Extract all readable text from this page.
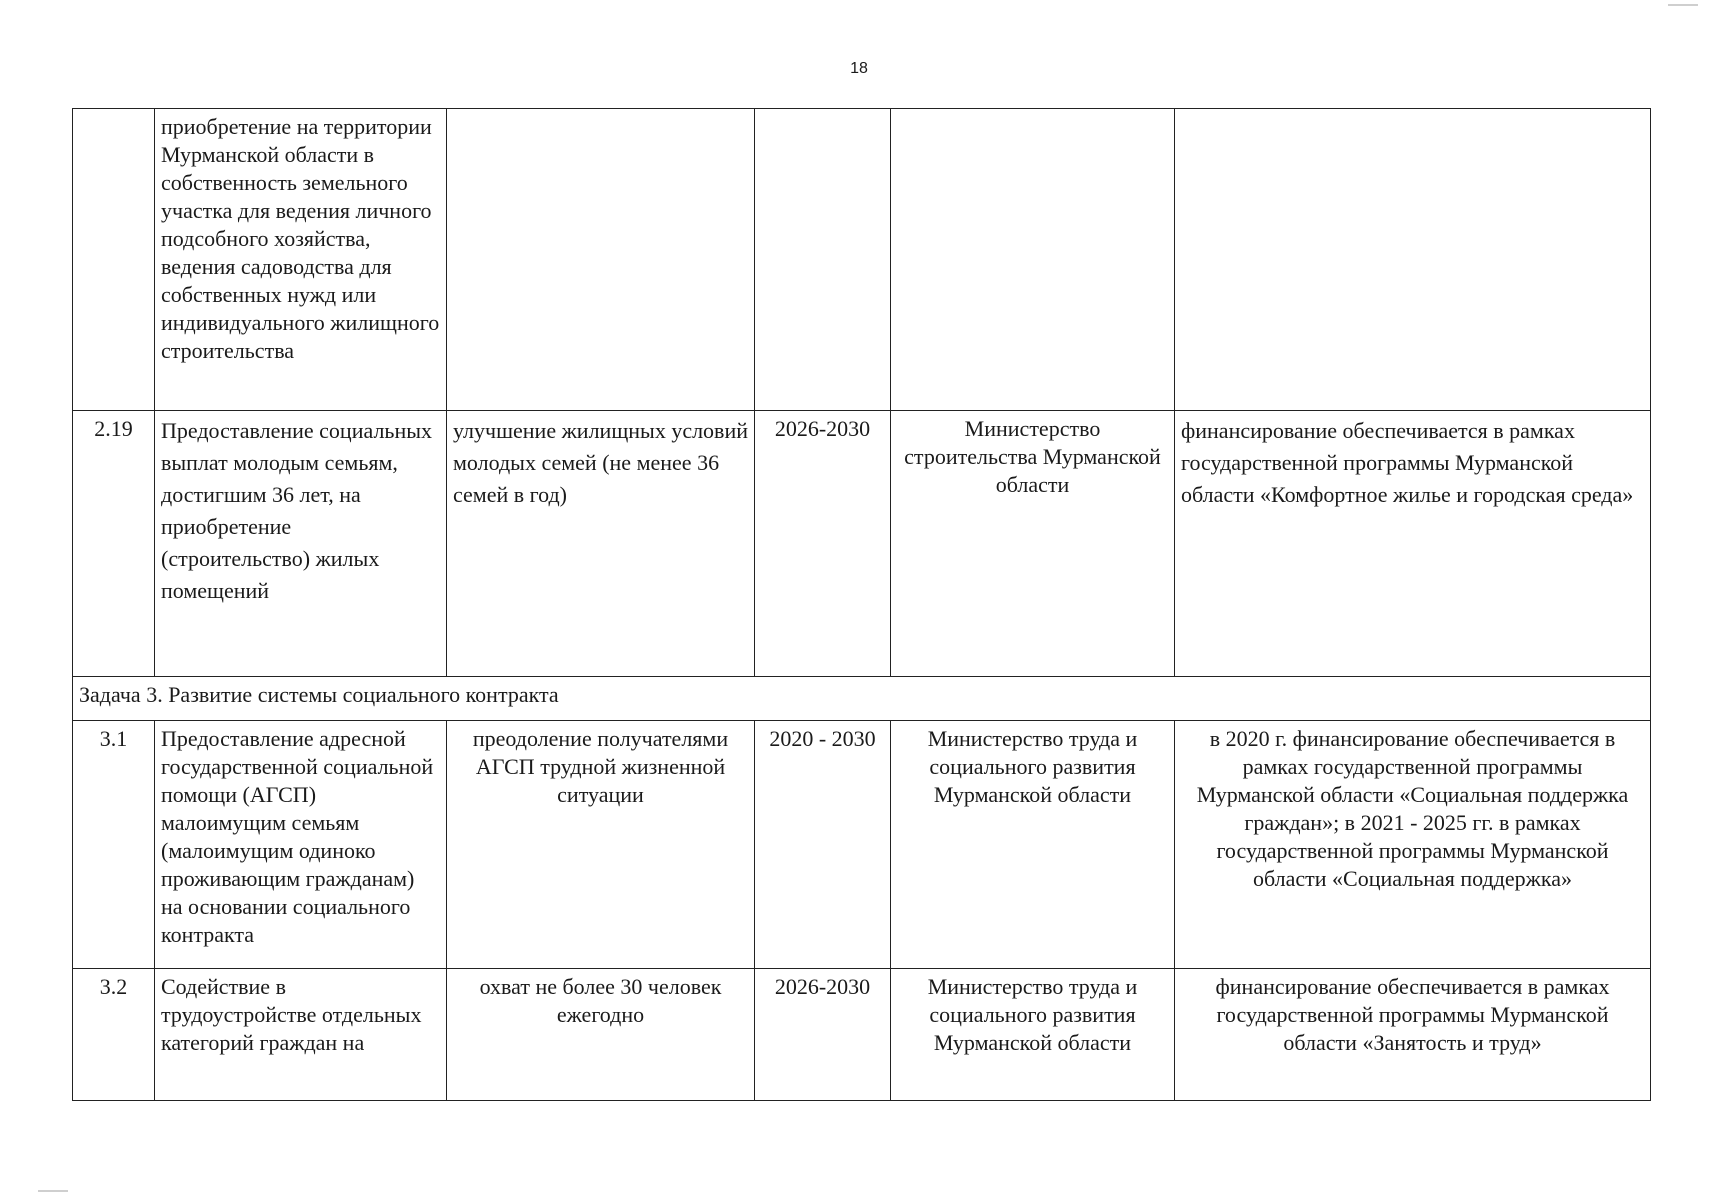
18
	приобретение на территории Мурманской области в собственность земельного участка для ведения личного подсобного хозяйства, ведения садоводства для собственных нужд или индивидуального жилищного строительства				
2.19	Предоставление социальных выплат молодым семьям, достигшим 36 лет, на приобретение (строительство) жилых помещений	улучшение жилищных условий молодых семей (не менее 36 семей в год)	2026-2030	Министерство строительства Мурманской области	финансирование обеспечивается в рамках государственной программы Мурманской области «Комфортное жилье и городская среда»
Задача 3. Развитие системы социального контракта					
3.1	Предоставление адресной государственной социальной помощи (АГСП) малоимущим семьям (малоимущим одиноко проживающим гражданам) на основании социального контракта	преодоление получателями АГСП трудной жизненной ситуации	2020 - 2030	Министерство труда и социального развития Мурманской области	в 2020 г. финансирование обеспечивается в рамках государственной программы Мурманской области «Социальная поддержка граждан»; в 2021 - 2025 гг. в рамках государственной программы Мурманской области «Социальная поддержка»
3.2	Содействие в трудоустройстве отдельных категорий граждан на	охват не более 30 человек ежегодно	2026-2030	Министерство труда и социального развития Мурманской области	финансирование обеспечивается в рамках государственной программы Мурманской области «Занятость и труд»
